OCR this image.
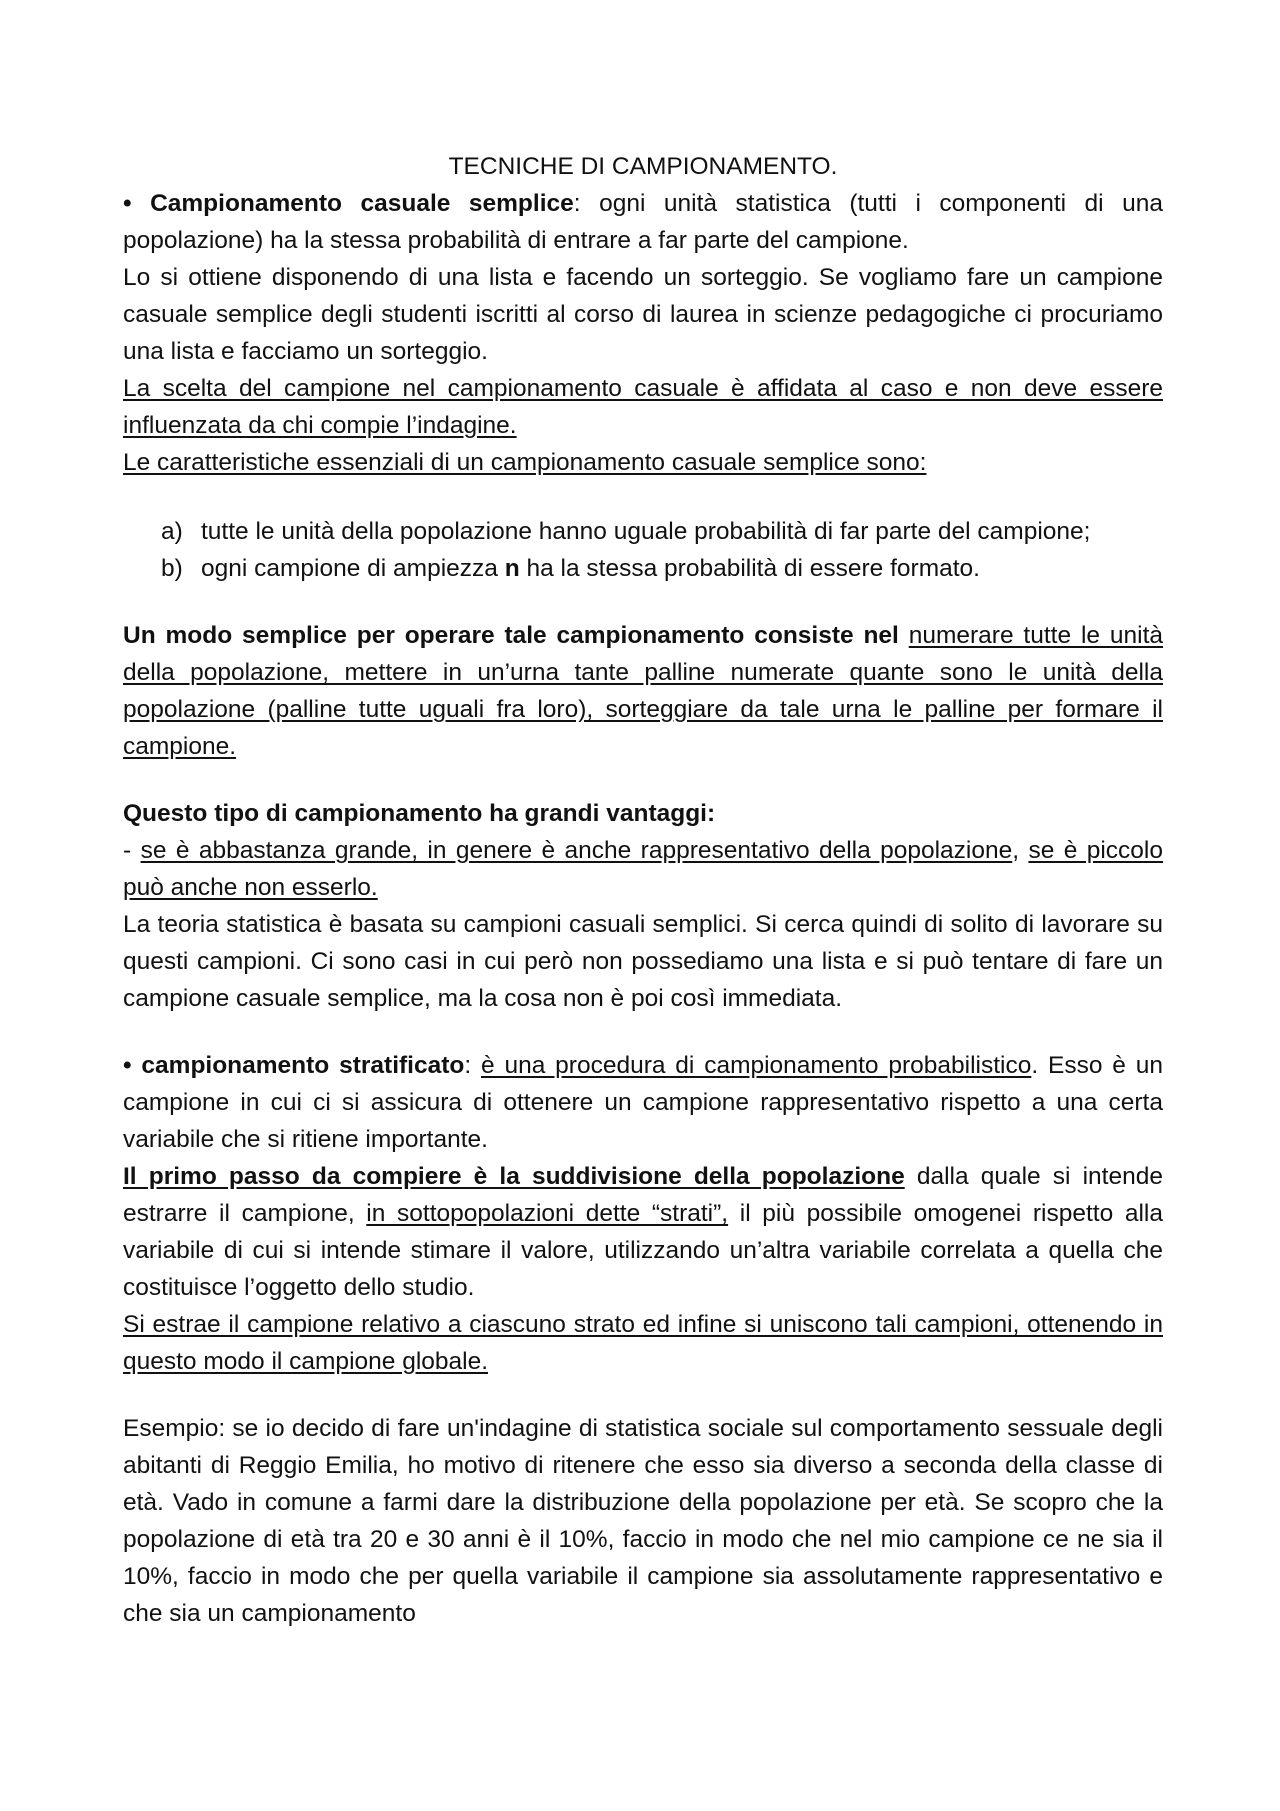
TECNICHE DI CAMPIONAMENTO.

• Campionamento casuale semplice: ogni unità statistica (tutti i componenti di una popolazione) ha la stessa probabilità di entrare a far parte del campione.

Lo si ottiene disponendo di una lista e facendo un sorteggio. Se vogliamo fare un campione casuale semplice degli studenti iscritti al corso di laurea in scienze pedagogiche ci procuriamo una lista e facciamo un sorteggio.

La scelta del campione nel campionamento casuale è affidata al caso e non deve essere influenzata da chi compie l’indagine.

Le caratteristiche essenziali di un campionamento casuale semplice sono:

a) tutte le unità della popolazione hanno uguale probabilità di far parte del campione;
b) ogni campione di ampiezza n ha la stessa probabilità di essere formato.

Un modo semplice per operare tale campionamento consiste nel numerare tutte le unità della popolazione, mettere in un’urna tante palline numerate quante sono le unità della popolazione (palline tutte uguali fra loro), sorteggiare da tale urna le palline per formare il campione.

Questo tipo di campionamento ha grandi vantaggi:

- se è abbastanza grande, in genere è anche rappresentativo della popolazione, se è piccolo può anche non esserlo.

La teoria statistica è basata su campioni casuali semplici. Si cerca quindi di solito di lavorare su questi campioni. Ci sono casi in cui però non possediamo una lista e si può tentare di fare un campione casuale semplice, ma la cosa non è poi così immediata.

• campionamento stratificato: è una procedura di campionamento probabilistico. Esso è un campione in cui ci si assicura di ottenere un campione rappresentativo rispetto a una certa variabile che si ritiene importante.

Il primo passo da compiere è la suddivisione della popolazione dalla quale si intende estrarre il campione, in sottopopolazioni dette “strati”, il più possibile omogenei rispetto alla variabile di cui si intende stimare il valore, utilizzando un’altra variabile correlata a quella che costituisce l’oggetto dello studio.

Si estrae il campione relativo a ciascuno strato ed infine si uniscono tali campioni, ottenendo in questo modo il campione globale.

Esempio: se io decido di fare un'indagine di statistica sociale sul comportamento sessuale degli abitanti di Reggio Emilia, ho motivo di ritenere che esso sia diverso a seconda della classe di età. Vado in comune a farmi dare la distribuzione della popolazione per età. Se scopro che la popolazione di età tra 20 e 30 anni è il 10%, faccio in modo che nel mio campione ce ne sia il 10%, faccio in modo che per quella variabile il campione sia assolutamente rappresentativo e che sia un campionamento
